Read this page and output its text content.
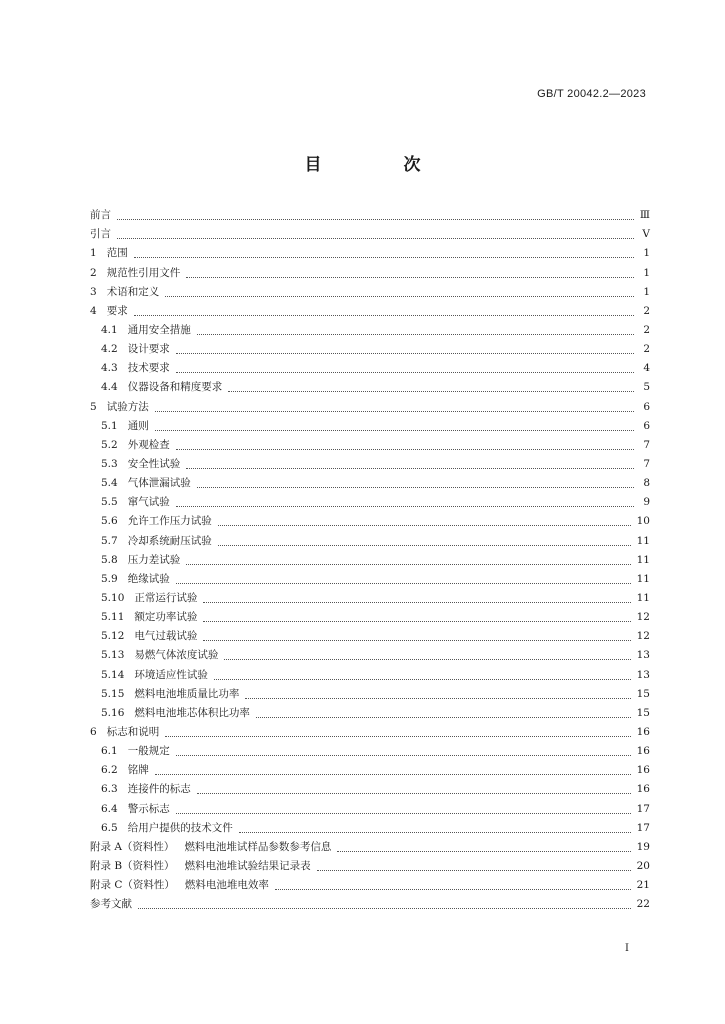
GB/T 20042.2—2023
目 次
前言	Ⅲ
引言	Ⅴ
1 范围	1
2 规范性引用文件	1
3 术语和定义	1
4 要求	2
4.1 通用安全措施	2
4.2 设计要求	2
4.3 技术要求	4
4.4 仪器设备和精度要求	5
5 试验方法	6
5.1 通则	6
5.2 外观检查	7
5.3 安全性试验	7
5.4 气体泄漏试验	8
5.5 窜气试验	9
5.6 允许工作压力试验	10
5.7 冷却系统耐压试验	11
5.8 压力差试验	11
5.9 绝缘试验	11
5.10 正常运行试验	11
5.11 额定功率试验	12
5.12 电气过载试验	12
5.13 易燃气体浓度试验	13
5.14 环境适应性试验	13
5.15 燃料电池堆质量比功率	15
5.16 燃料电池堆芯体积比功率	15
6 标志和说明	16
6.1 一般规定	16
6.2 铭牌	16
6.3 连接件的标志	16
6.4 警示标志	17
6.5 给用户提供的技术文件	17
附录 A（资料性） 燃料电池堆试样品参数参考信息	19
附录 B（资料性） 燃料电池堆试验结果记录表	20
附录 C（资料性） 燃料电池堆电效率	21
参考文献	22
Ⅰ
